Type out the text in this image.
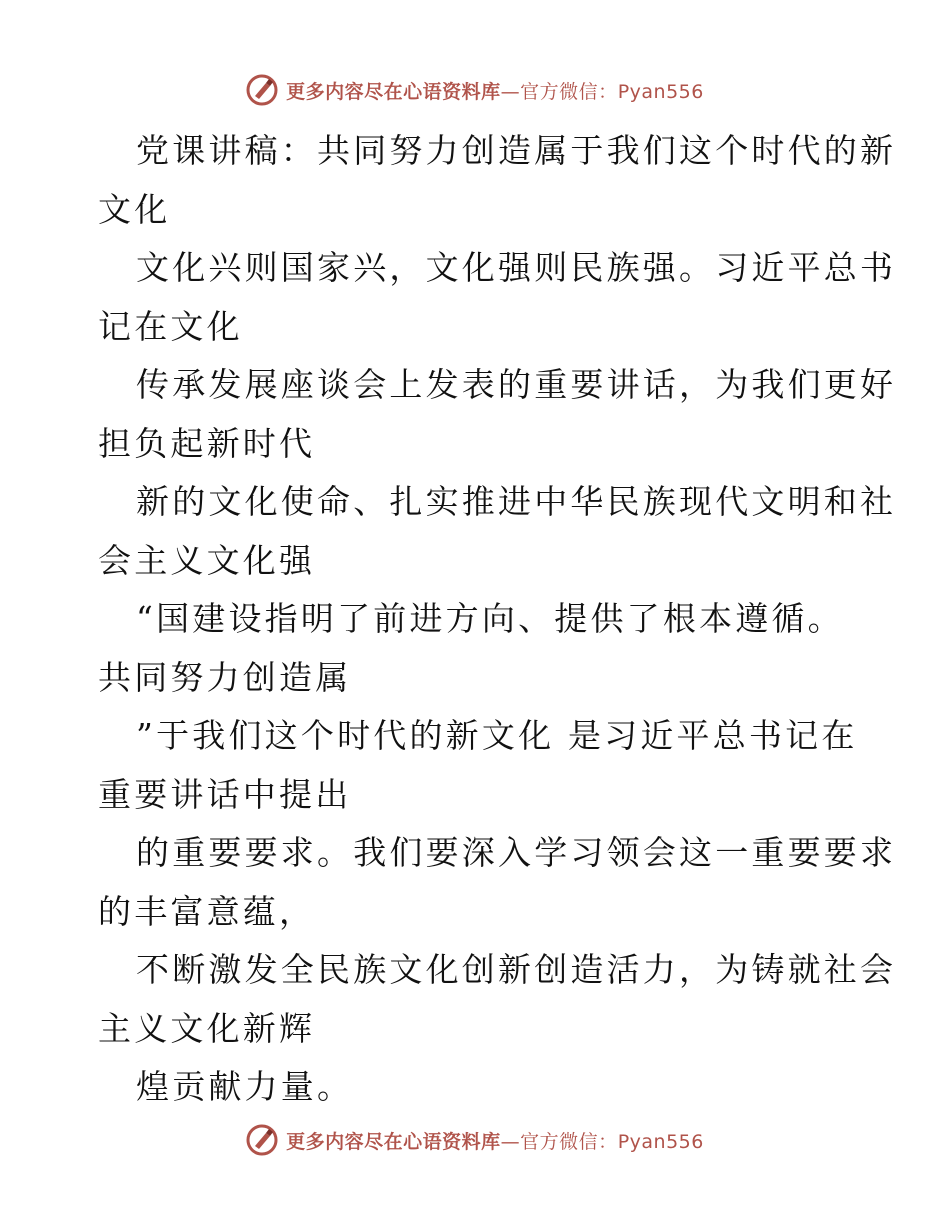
更多内容尽在心语资料库—官方微信：Pyan556

党课讲稿：共同努力创造属于我们这个时代的新

文化

文化兴则国家兴，文化强则民族强。习近平总书

记在文化

传承发展座谈会上发表的重要讲话，为我们更好

担负起新时代

新的文化使命、扎实推进中华民族现代文明和社

会主义文化强

“国建设指明了前进方向、提供了根本遵循。

共同努力创造属

”于我们这个时代的新文化 是习近平总书记在

重要讲话中提出

的重要要求。我们要深入学习领会这一重要要求

的丰富意蕴，

不断激发全民族文化创新创造活力，为铸就社会

主义文化新辉

煌贡献力量。

更多内容尽在心语资料库—官方微信：Pyan556
